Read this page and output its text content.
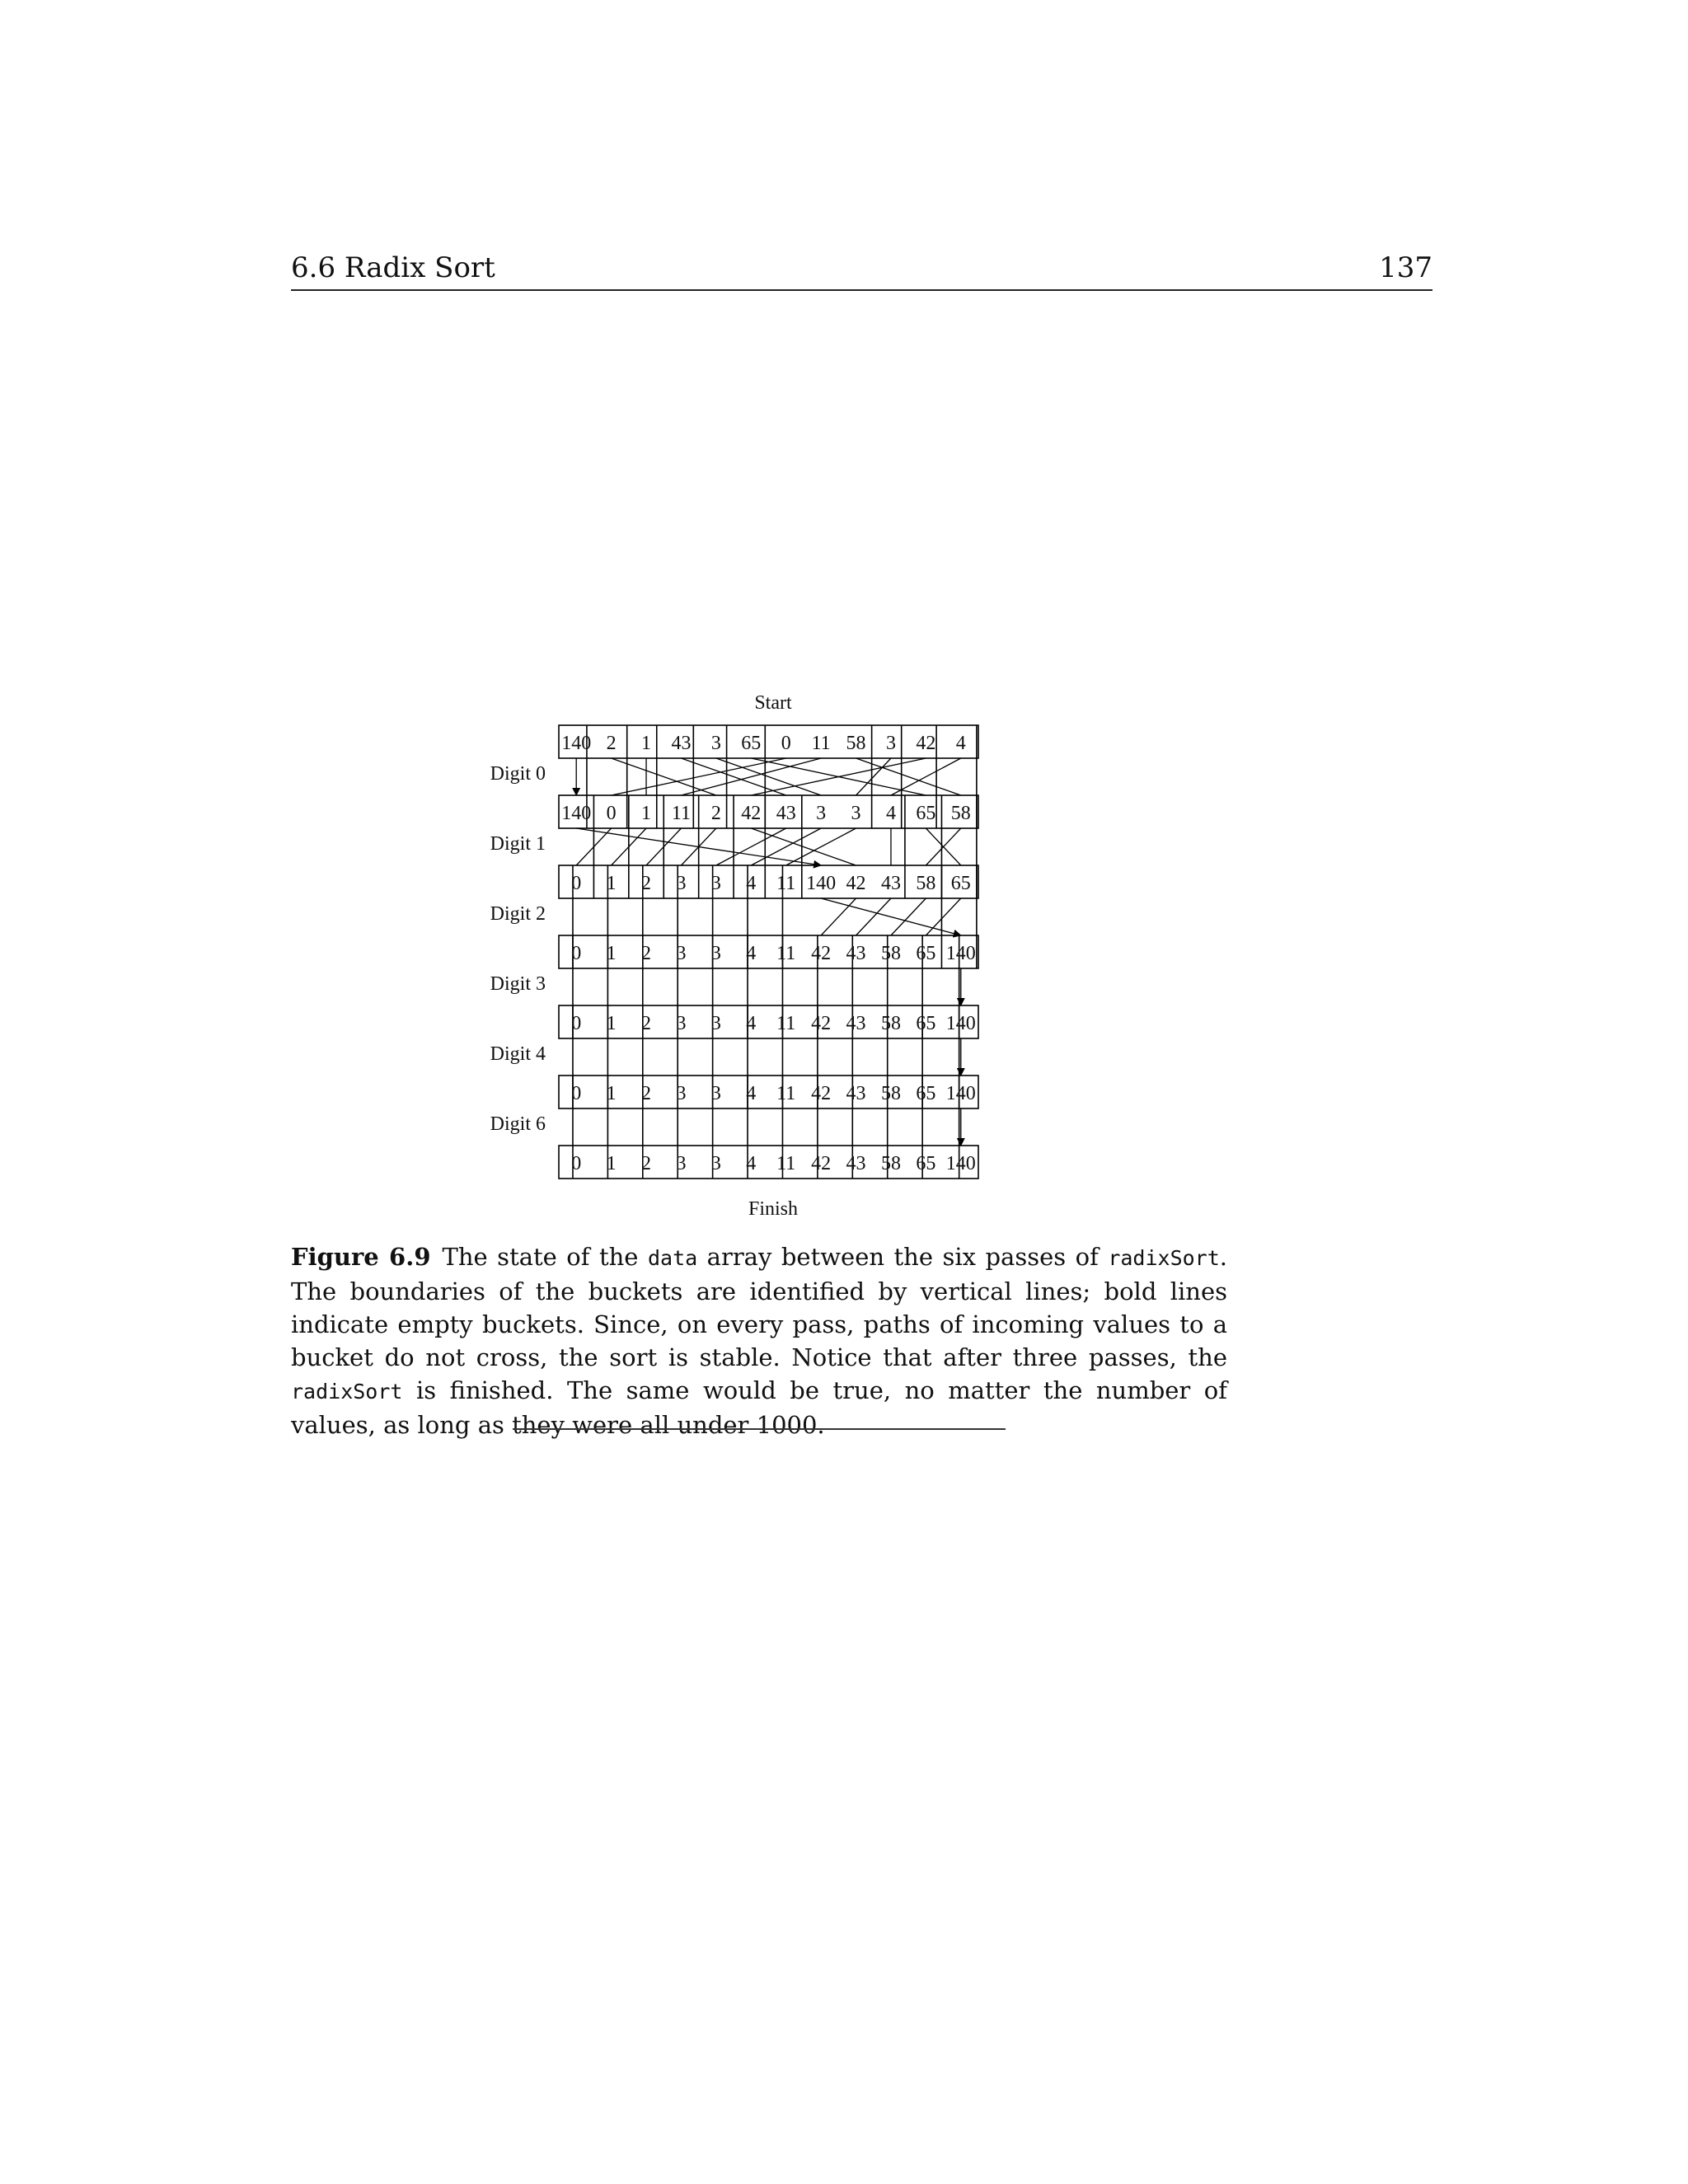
6.6 Radix Sort	137
140 2 1 43 3 65 0 11 58 3 42 4
140 0 1 11 2 42 43 3 3 4 65 58
Digit 0
0 1 2 3 3 4 11 140 42 43 58 65
Digit 1
0 1 2 3 3 4 11 42 43 58 65 140
Digit 2
0 1 2 3 3 4 11 42 43 58 65 140
Digit 3
0 1 2 3 3 4 11 42 43 58 65 140
Digit 4
0 1 2 3 3 4 11 42 43 58 65 140
Digit 6
Start
Finish
Figure 6.9 The state of the data array between the six passes of radixSort. The boundaries of the buckets are identified by vertical lines; bold lines indicate empty buckets. Since, on every pass, paths of incoming values to a bucket do not cross, the sort is stable. Notice that after three passes, the radixSort is finished. The same would be true, no matter the number of values, as long as they were all under 1000.
